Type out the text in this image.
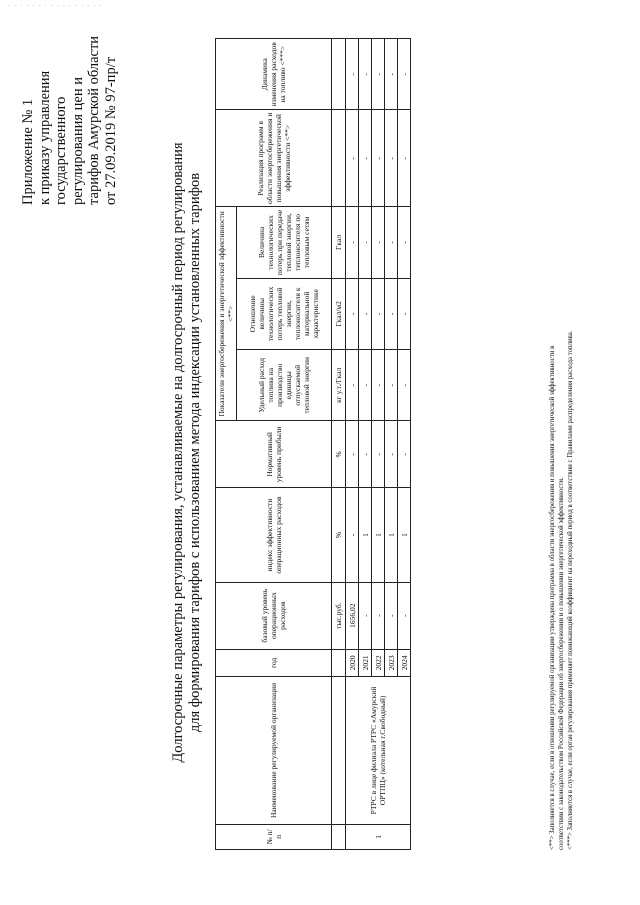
· · · · · · · · · · · · · · · ·
Приложение № 1 к приказу управления государственного регулирования цен и тарифов Амурской области от 27.09.2019 № 97-пр/т
Долгосрочные параметры регулирования, устанавливаемые на долгосрочный период регулирования для формирования тарифов с использованием метода индексации установленных тарифов
№ п/ п	Наименование регулируемой организации	год	базовый уровень операционных расходов	индекс эффективности операционных расходов	Нормативный уровень прибыли	Показатели энергосбережения и энергетической эффективности <**>			Реализация программ в области энергосбережения и повышения энергетической эффективности <**>	Динамика изменения расходов на топливо <***>
						Удельный расход топлива на производство единицы отпускаемой тепловой энергии	Отношение величины технологических потерь тепловой энергии, теплоносителя к материальной характеристике	Величина технологических потерь при передаче тепловой энергии, теплоносителя по тепловым сетям		
			тыс.руб.	%	%	кг у.т./Гкал	Гкал/м2	Гкал		
1	РТРС в лице филиала РТРС «Амурский ОРТПЦ» (котельная г.Свободный)	2020	1656,02	-	-	-	-	-	-	-
		2021	-	1	-	-	-	-	-	-
		2022	-	1	-	-	-	-	-	-
		2023	-	1	-	-	-	-	-	-
		2024	-	1	-	-	-	-	-	-
<**> Заполняется в случае, если в отношении регулируемой организации утверждена программа в области энергосбережения и повышения энергетической эффективности в соответствии с законодательством Российской Федерации об энергосбережении и о повышении энергетической эффективности. <***> Заполняется в случае, если орган регулирования применяет понижающий коэффициент на переходный период в соответствии с Правилами распределения расхода топлива.
